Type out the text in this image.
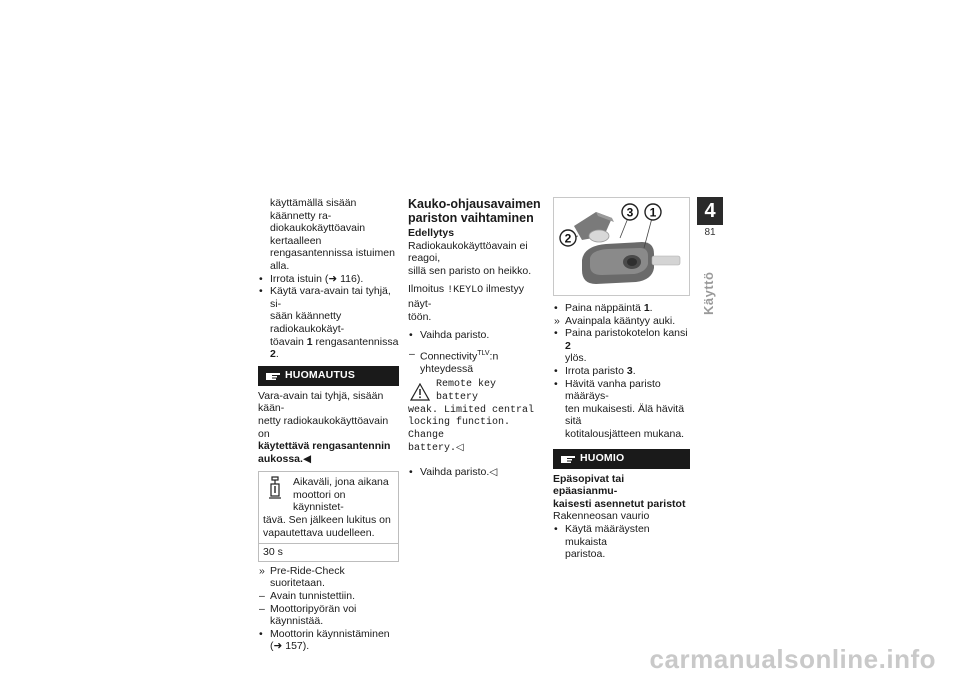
käyttämällä sisään käännetty ra-

diokaukokäyttöavain kertaalleen

rengasantennissa istuimen alla.

• Irrota istuin (➜ 116).
• Käytä vara-avain tai tyhjä, si-
sään käännetty radiokaukokäyt-
töavain 1 rengasantennissa 2.
HUOMAUTUS

Vara-avain tai tyhjä, sisään kään-

netty radiokaukokäyttöavain on

käytettävä rengasantennin

aukossa.◀

Aikaväli, jona aikana
moottori on käynnistet-
tävä. Sen jälkeen lukitus on
vapautettava uudelleen.
30 s
» Pre-Ride-Check suoritetaan.
– Avain tunnistettiin.
– Moottoripyörän voi käynnistää.
• Moottorin käynnistäminen
(➜ 157).

Kauko-ohjausavaimen
pariston vaihtaminen

Edellytys

Radiokaukokäyttöavain ei reagoi,

sillä sen paristo on heikko.

Ilmoitus !KEYLO ilmestyy näyt-

töön.

• Vaihda paristo.
– Connectivity$^{TLV}$:n yhteydessä
Remote key battery
weak. Limited central
locking function. Change
battery.◁
• Vaihda paristo.◁
3 1
2
• Paina näppäintä 1.
» Avainpala kääntyy auki.
• Paina paristokotelon kansi 2
ylös.
• Irrota paristo 3.
• Hävitä vanha paristo määräys-
ten mukaisesti. Älä hävitä sitä
kotitalousjätteen mukana.
HUOMIO

Epäsopivat tai epäasianmu-

kaisesti asennetut paristot

Rakenneosan vaurio

• Käytä määräysten mukaista
paristoa.
4
81
Käyttö
carmanualsonline.info
